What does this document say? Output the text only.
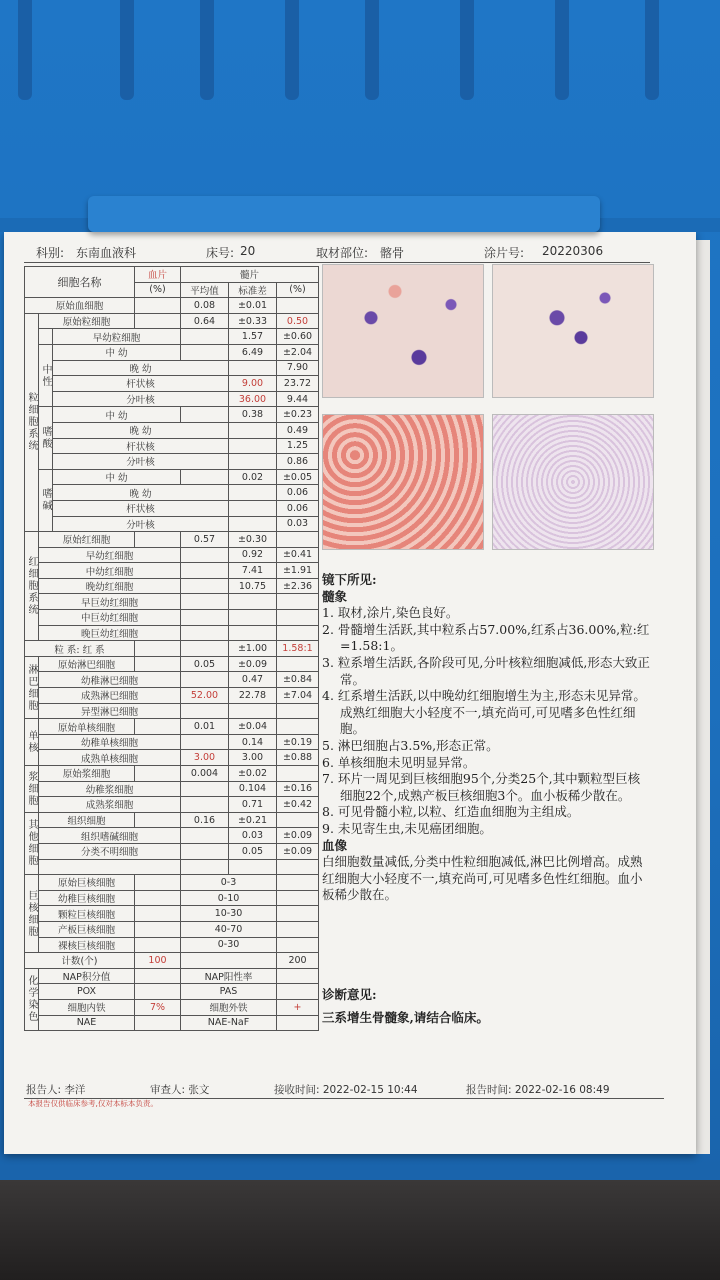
科别: 东南血液科	床号: 20	取材部位: 髂骨	涂片号: 20220306
细胞名称			血片	髓片			
			(%)	平均值	标准差	(%)	
原始血细胞				0.08	±0.01		
粒细胞系统	原始粒细胞			0.64	±0.33	0.50	
		早幼粒细胞			1.57	±0.60	
	中性	中 幼			6.49	±2.04	
		晚 幼				7.90		
		杆状核			9.00	23.72		
		分叶核			36.00	9.44		
	嗜酸	中 幼			0.38	±0.23	
		晚 幼				0.49		
		杆状核				1.25		
		分叶核				0.86		
	嗜碱	中 幼			0.02	±0.05	
		晚 幼				0.06		
		杆状核				0.06		
		分叶核				0.03		
红细胞系统	原始红细胞			0.57	±0.30		
	早幼红细胞				0.92	±0.41	
	中幼红细胞				7.41	±1.91	
	晚幼红细胞				10.75	±2.36	
	早巨幼红细胞						
	中巨幼红细胞						
	晚巨幼红细胞						
粒 系: 红 系					±1.00	1.58:1	
淋巴细胞	原始淋巴细胞			0.05	±0.09		
	幼稚淋巴细胞				0.47	±0.84	
	成熟淋巴细胞			52.00	22.78	±7.04	
	异型淋巴细胞						
单核	原始单核细胞			0.01	±0.04		
	幼稚单核细胞				0.14	±0.19	
	成熟单核细胞			3.00	3.00	±0.88	
浆细胞	原始浆细胞			0.004	±0.02		
	幼稚浆细胞				0.104	±0.16	
	成熟浆细胞				0.71	±0.42	
其他细胞	组织细胞			0.16	±0.21		
	组织嗜碱细胞				0.03	±0.09	
	分类不明细胞				0.05	±0.09	

巨核细胞	原始巨核细胞			0-3			
	幼稚巨核细胞			0-10			
	颗粒巨核细胞			10-30			
	产板巨核细胞			40-70			
	裸核巨核细胞			0-30			
计数(个)			100			200	
化学染色	NAP积分值			NAP阳性率			
	POX			PAS			
	细胞内铁		7%	细胞外铁		+	
	NAE			NAE-NaF			
镜下所见:
髓象
1. 取材,涂片,染色良好。
2. 骨髓增生活跃,其中粒系占57.00%,红系占36.00%,粒:红=1.58:1。
3. 粒系增生活跃,各阶段可见,分叶核粒细胞减低,形态大致正常。
4. 红系增生活跃,以中晚幼红细胞增生为主,形态未见异常。成熟红细胞大小轻度不一,填充尚可,可见嗜多色性红细胞。
5. 淋巴细胞占3.5%,形态正常。
6. 单核细胞未见明显异常。
7. 环片一周见到巨核细胞95个,分类25个,其中颗粒型巨核细胞22个,成熟产板巨核细胞3个。血小板稀少散在。
8. 可见骨髓小粒,以粒、红造血细胞为主组成。
9. 未见寄生虫,未见癌团细胞。
血像
白细胞数量减低,分类中性粒细胞减低,淋巴比例增高。成熟红细胞大小轻度不一,填充尚可,可见嗜多色性红细胞。血小板稀少散在。
诊断意见:
三系增生骨髓象,请结合临床。
报告人: 李洋	审查人: 张文	接收时间: 2022-02-15 10:44	报告时间: 2022-02-16 08:49
本报告仅供临床参考,仅对本标本负责。
